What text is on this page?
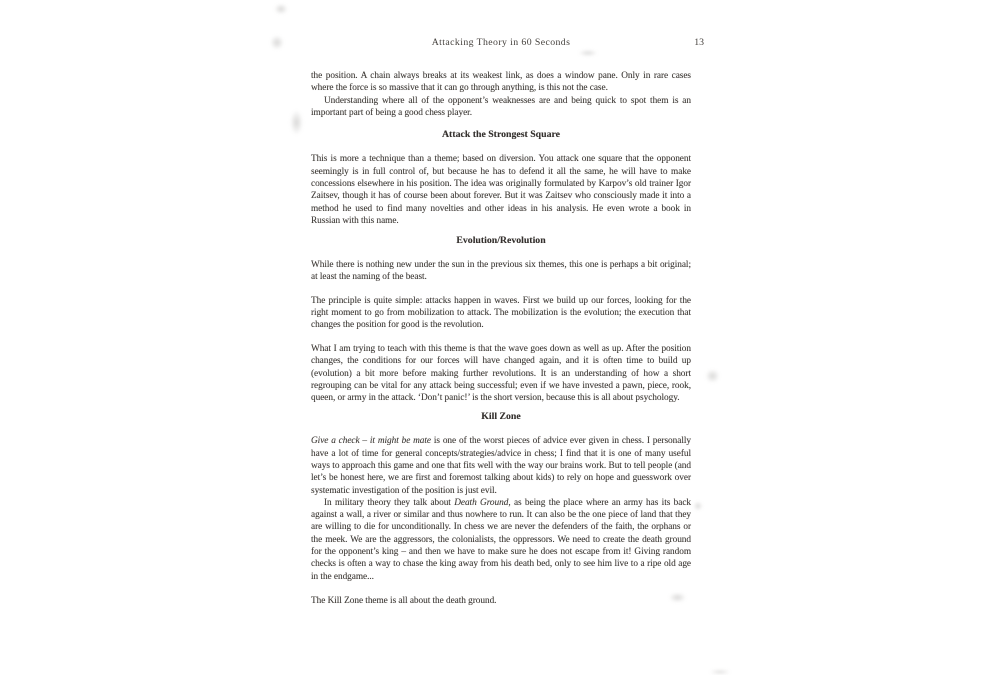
Attacking Theory in 60 Seconds	13

the position. A chain always breaks at its weakest link, as does a window pane. Only in rare cases where the force is so massive that it can go through anything, is this not the case.

Understanding where all of the opponent’s weaknesses are and being quick to spot them is an important part of being a good chess player.

Attack the Strongest Square

This is more a technique than a theme; based on diversion. You attack one square that the opponent seemingly is in full control of, but because he has to defend it all the same, he will have to make concessions elsewhere in his position. The idea was originally formulated by Karpov’s old trainer Igor Zaitsev, though it has of course been about forever. But it was Zaitsev who consciously made it into a method he used to find many novelties and other ideas in his analysis. He even wrote a book in Russian with this name.

Evolution/Revolution

While there is nothing new under the sun in the previous six themes, this one is perhaps a bit original; at least the naming of the beast.

The principle is quite simple: attacks happen in waves. First we build up our forces, looking for the right moment to go from mobilization to attack. The mobilization is the evolution; the execution that changes the position for good is the revolution.

What I am trying to teach with this theme is that the wave goes down as well as up. After the position changes, the conditions for our forces will have changed again, and it is often time to build up (evolution) a bit more before making further revolutions. It is an understanding of how a short regrouping can be vital for any attack being successful; even if we have invested a pawn, piece, rook, queen, or army in the attack. ‘Don’t panic!’ is the short version, because this is all about psychology.

Kill Zone

Give a check – it might be mate is one of the worst pieces of advice ever given in chess. I personally have a lot of time for general concepts/strategies/advice in chess; I find that it is one of many useful ways to approach this game and one that fits well with the way our brains work. But to tell people (and let’s be honest here, we are first and foremost talking about kids) to rely on hope and guesswork over systematic investigation of the position is just evil.

In military theory they talk about Death Ground, as being the place where an army has its back against a wall, a river or similar and thus nowhere to run. It can also be the one piece of land that they are willing to die for unconditionally. In chess we are never the defenders of the faith, the orphans or the meek. We are the aggressors, the colonialists, the oppressors. We need to create the death ground for the opponent’s king – and then we have to make sure he does not escape from it! Giving random checks is often a way to chase the king away from his death bed, only to see him live to a ripe old age in the endgame...

The Kill Zone theme is all about the death ground.
